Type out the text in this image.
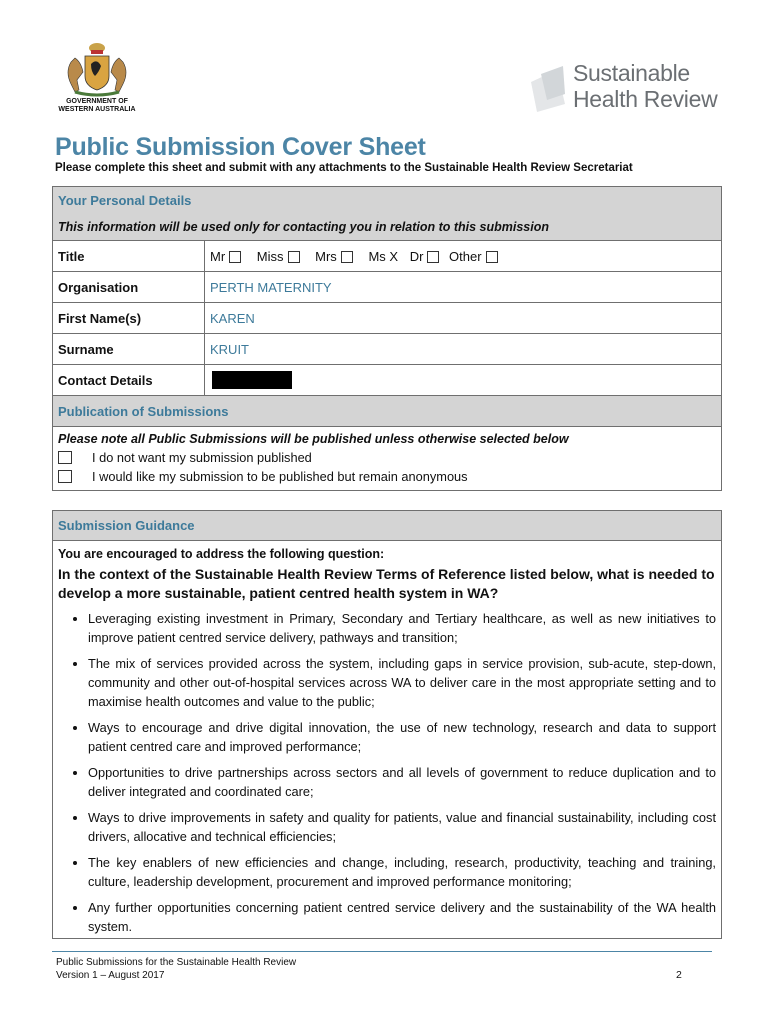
GOVERNMENT OF
WESTERN AUSTRALIA
Sustainable
Health Review
Public Submission Cover Sheet
Please complete this sheet and submit with any attachments to the Sustainable Health Review Secretariat
Your Personal Details	
This information will be used only for contacting you in relation to this submission	
Title	Mr Miss Mrs Ms X Dr Other
Organisation	PERTH MATERNITY
First Name(s)	KAREN
Surname	KRUIT
Contact Details	
Publication of Submissions	

Please note all Public Submissions will be published unless otherwise selected below
I do not want my submission published
I would like my submission to be published but remain anonymous	
Submission Guidance

You are encouraged to address the following question:
In the context of the Sustainable Health Review Terms of Reference listed below, what is needed to develop a more sustainable, patient centred health system in WA?
• Leveraging existing investment in Primary, Secondary and Tertiary healthcare, as well as new initiatives to improve patient centred service delivery, pathways and transition;
• The mix of services provided across the system, including gaps in service provision, sub-acute, step-down, community and other out-of-hospital services across WA to deliver care in the most appropriate setting and to maximise health outcomes and value to the public;
• Ways to encourage and drive digital innovation, the use of new technology, research and data to support patient centred care and improved performance;
• Opportunities to drive partnerships across sectors and all levels of government to reduce duplication and to deliver integrated and coordinated care;
• Ways to drive improvements in safety and quality for patients, value and financial sustainability, including cost drivers, allocative and technical efficiencies;
• The key enablers of new efficiencies and change, including, research, productivity, teaching and training, culture, leadership development, procurement and improved performance monitoring;
• Any further opportunities concerning patient centred service delivery and the sustainability of the WA health system.
Public Submissions for the Sustainable Health Review
Version 1 – August 2017	2
